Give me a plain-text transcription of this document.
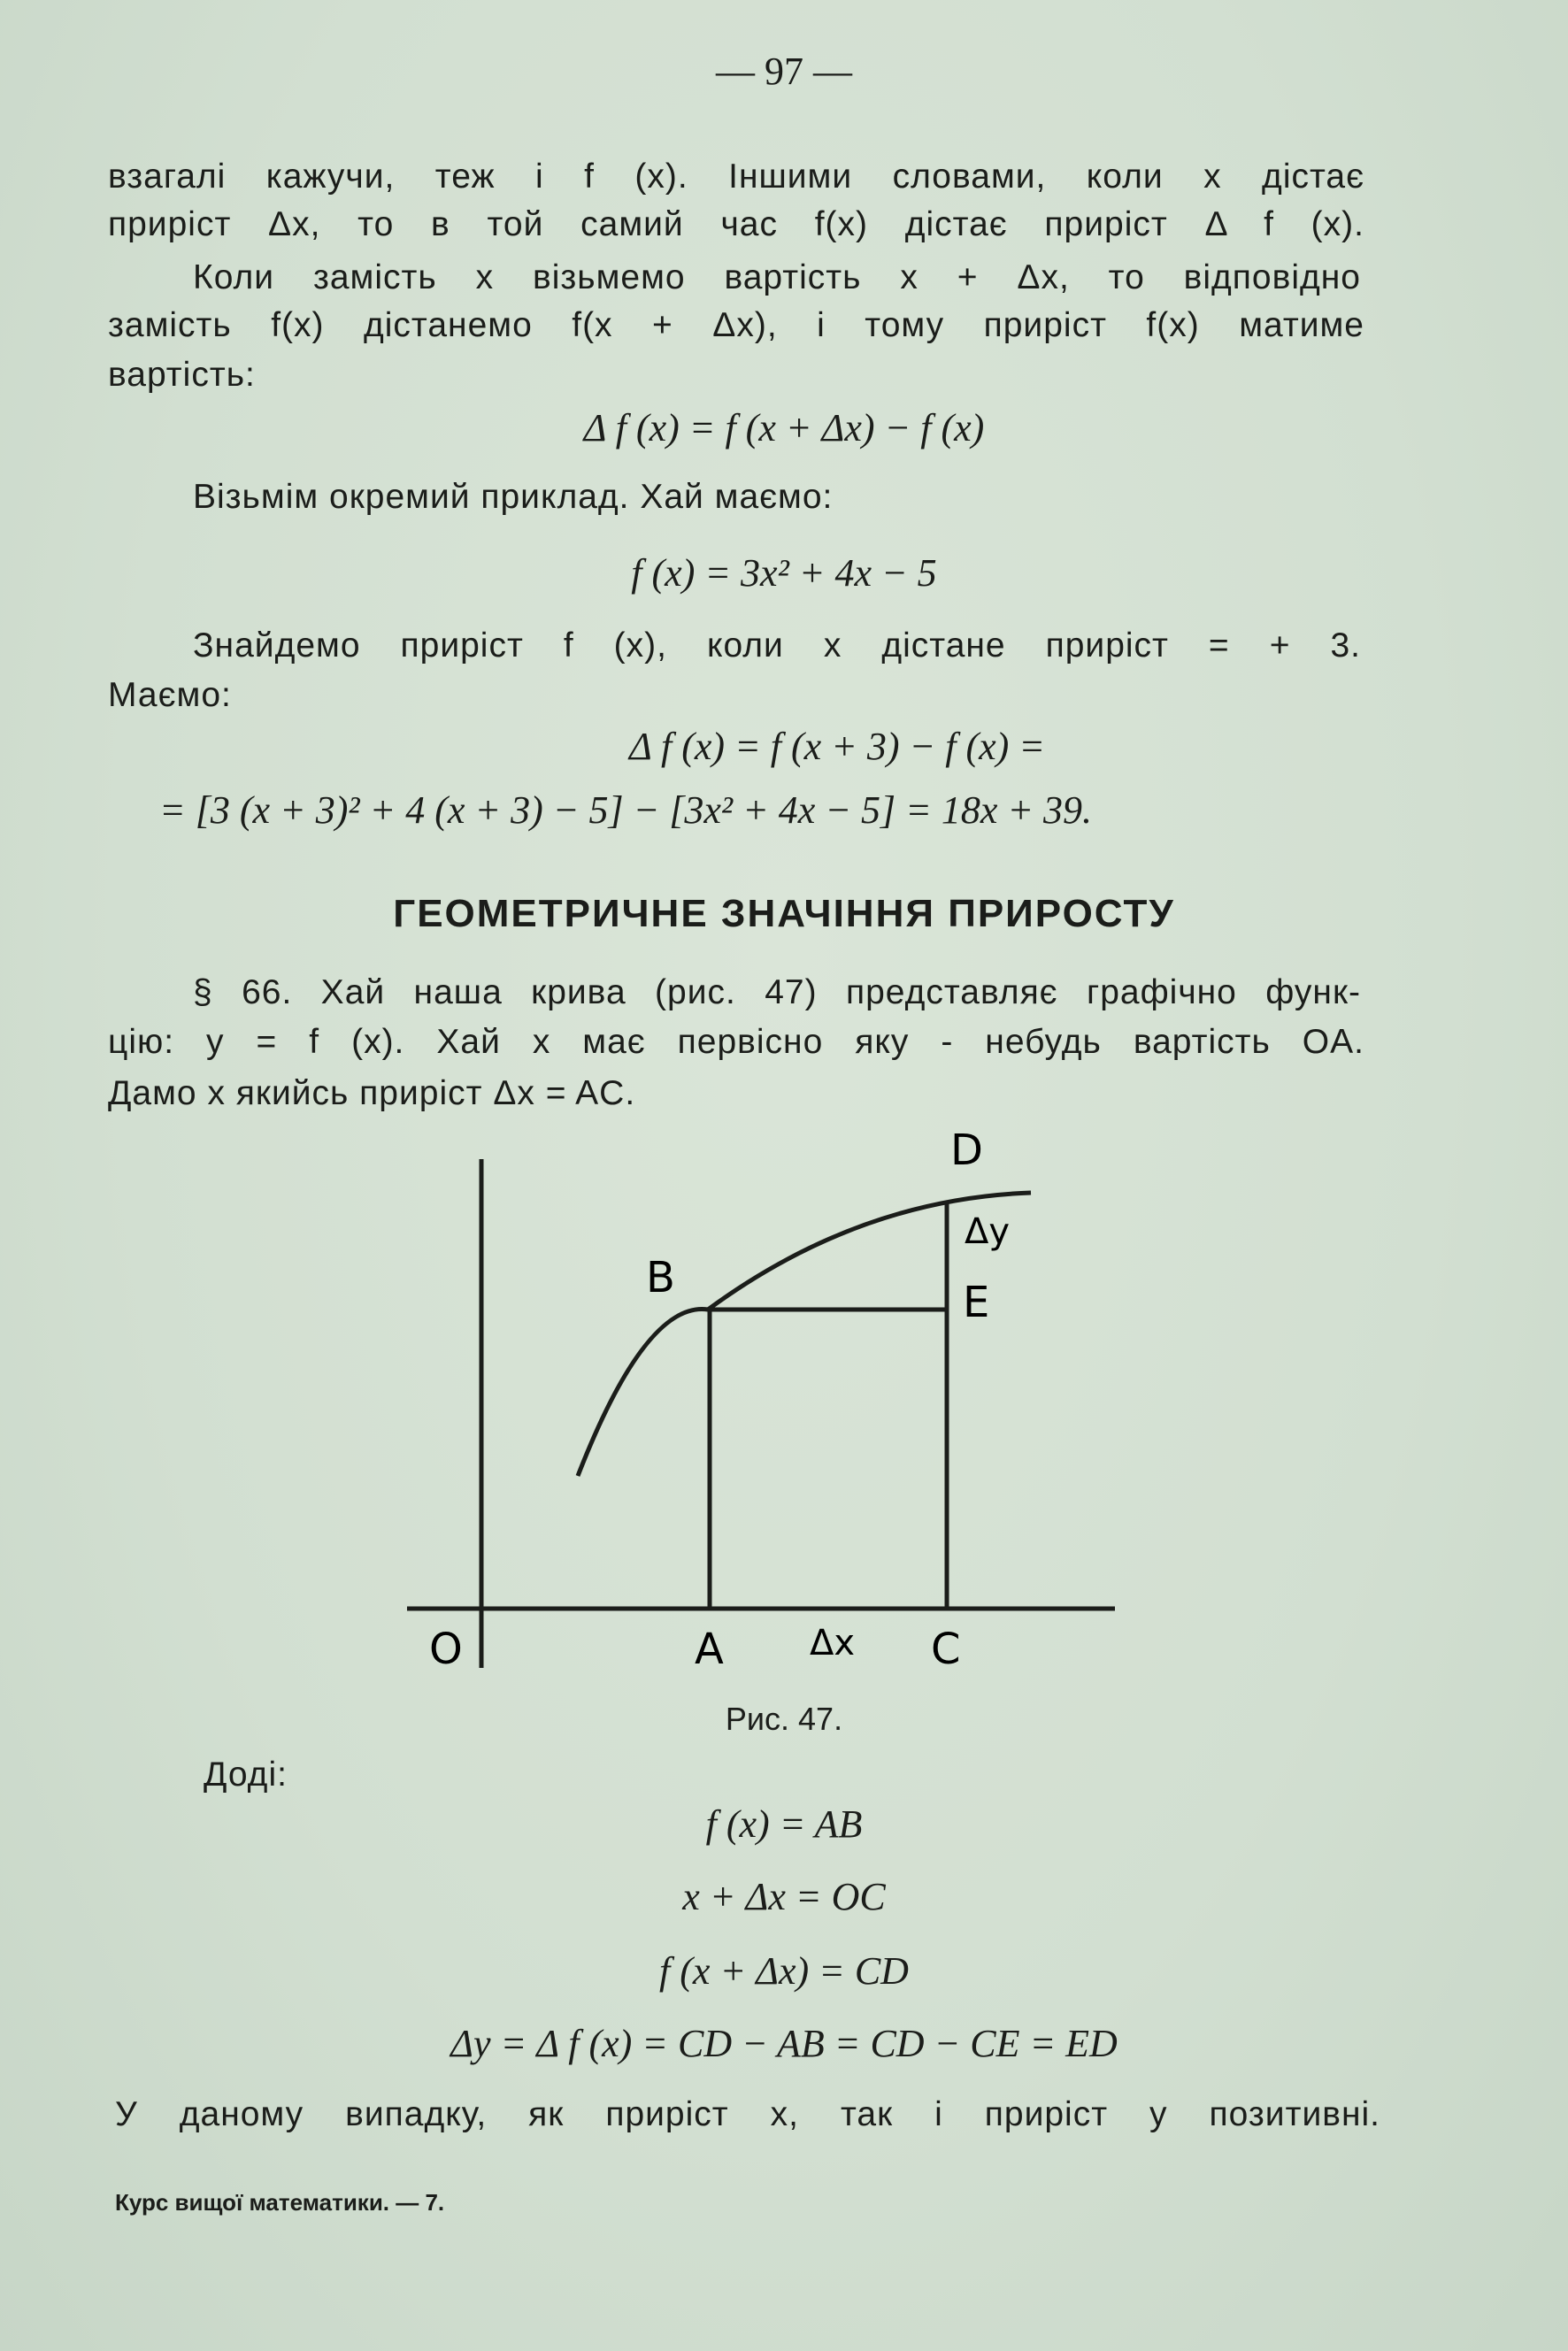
— 97 —
взагалі кажучи, теж і f (x). Іншими словами, коли x дістає
приріст Δx, то в той самий час f(x) дістає приріст Δ f (x).
Коли замість x візьмемо вартість x + Δx, то відповідно
замість f(x) дістанемо f(x + Δx), і тому приріст f(x) матиме
вартість:
Δ f (x) = f (x + Δx) − f (x)
Візьмім окремий приклад. Хай маємо:
f (x) = 3x² + 4x − 5
Знайдемо приріст f (x), коли x дістане приріст = + 3.
Маємо:
Δ f (x) = f (x + 3) − f (x) =
= [3 (x + 3)² + 4 (x + 3) − 5] − [3x² + 4x − 5] = 18x + 39.
ГЕОМЕТРИЧНЕ ЗНАЧІННЯ ПРИРОСТУ
§ 66. Хай наша крива (рис. 47) представляє графічно функ-
цію: y = f (x). Хай x має первісно яку - небудь вартість OA.
Дамо x якийсь приріст Δx = AC.
D
Δy
B	E
O	A Δx C
Рис. 47.
Доді:
f (x) = AB
x + Δx = OC
f (x + Δx) = CD
Δy = Δ f (x) = CD − AB = CD − CE = ED
У даному випадку, як приріст x, так і приріст y позитивні.
Курс вищої математики. — 7.
